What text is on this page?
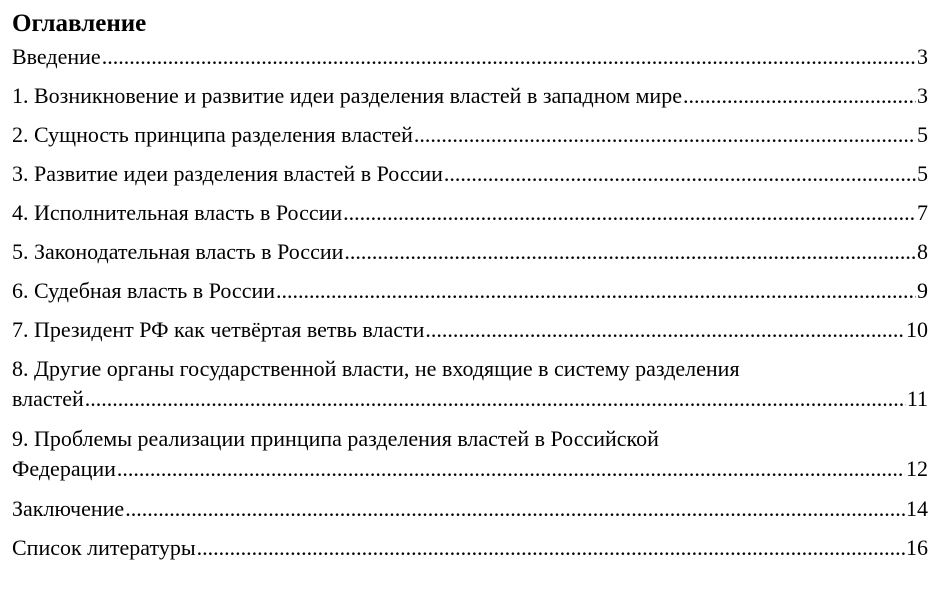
Оглавление
Введение .....	3
1. Возникновение и развитие идеи разделения властей в западном мире .....	3
2. Сущность принципа разделения властей .....	5
3. Развитие идеи разделения властей в России .....	5
4. Исполнительная власть в России .....	7
5. Законодательная власть в России .....	8
6. Судебная власть в России .....	9
7. Президент РФ как четвёртая ветвь власти .....	10
8. Другие органы государственной власти, не входящие в систему разделения
властей .....	11
9. Проблемы реализации принципа разделения властей в Российской
Федерации .....	12
Заключение .....	14
Список литературы .....	16
